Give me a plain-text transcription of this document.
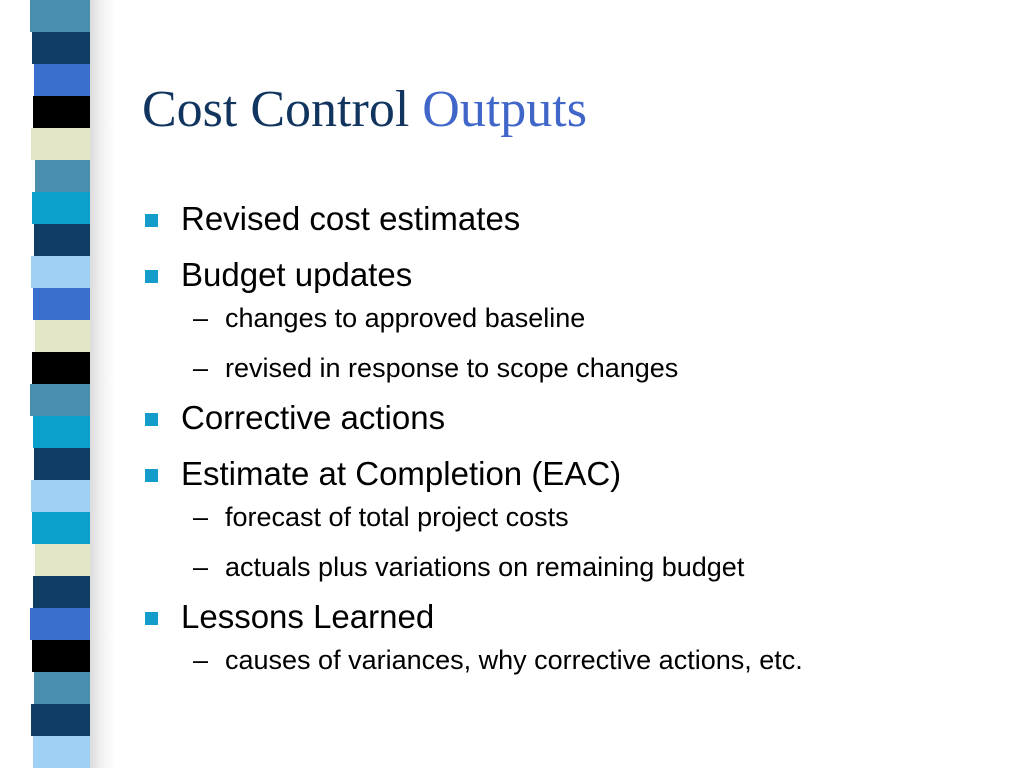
Cost Control Outputs
Revised cost estimates
Budget updates
– changes to approved baseline
– revised in response to scope changes
Corrective actions
Estimate at Completion (EAC)
– forecast of total project costs
– actuals plus variations on remaining budget
Lessons Learned
– causes of variances, why corrective actions, etc.
